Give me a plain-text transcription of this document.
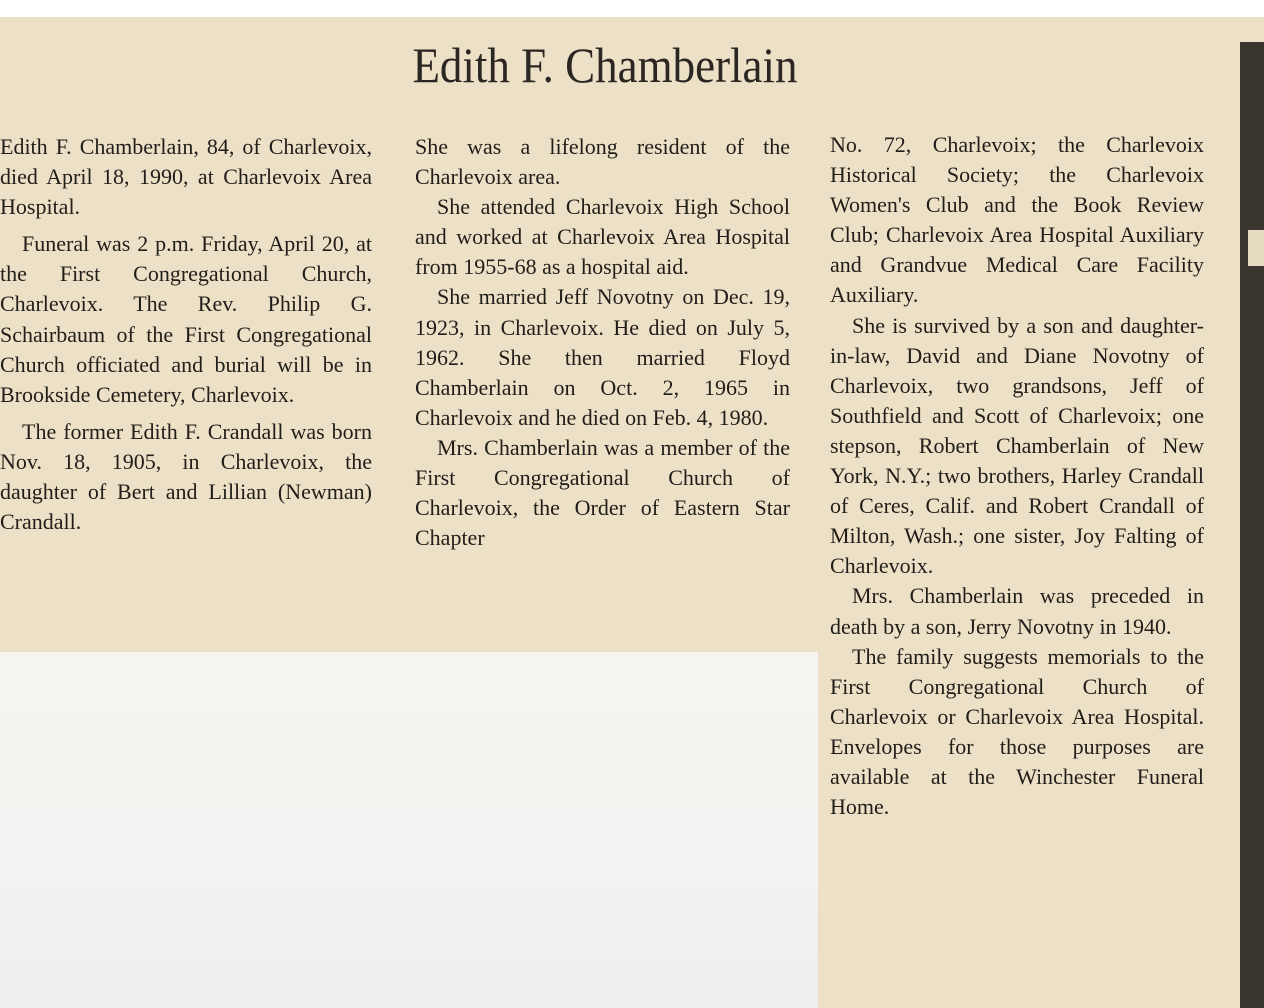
Edith F. Chamberlain

Edith F. Chamberlain, 84, of Charlevoix, died April 18, 1990, at Charlevoix Area Hospital.

Funeral was 2 p.m. Friday, April 20, at the First Congregational Church, Charlevoix. The Rev. Philip G. Schairbaum of the First Congregational Church officiated and burial will be in Brookside Cemetery, Charlevoix.

The former Edith F. Crandall was born Nov. 18, 1905, in Charlevoix, the daughter of Bert and Lillian (Newman) Crandall.

She was a lifelong resident of the Charlevoix area.

She attended Charlevoix High School and worked at Charlevoix Area Hospital from 1955-68 as a hospital aid.

She married Jeff Novotny on Dec. 19, 1923, in Charlevoix. He died on July 5, 1962. She then married Floyd Chamberlain on Oct. 2, 1965 in Charlevoix and he died on Feb. 4, 1980.

Mrs. Chamberlain was a member of the First Congregational Church of Charlevoix, the Order of Eastern Star Chapter

No. 72, Charlevoix; the Charlevoix Historical Society; the Charlevoix Women's Club and the Book Review Club; Charlevoix Area Hospital Auxiliary and Grandvue Medical Care Facility Auxiliary.

She is survived by a son and daughter-in-law, David and Diane Novotny of Charlevoix, two grandsons, Jeff of Southfield and Scott of Charlevoix; one stepson, Robert Chamberlain of New York, N.Y.; two brothers, Harley Crandall of Ceres, Calif. and Robert Crandall of Milton, Wash.; one sister, Joy Falting of Charlevoix.

Mrs. Chamberlain was preceded in death by a son, Jerry Novotny in 1940.

The family suggests memorials to the First Congregational Church of Charlevoix or Charlevoix Area Hospital. Envelopes for those purposes are available at the Winchester Funeral Home.
